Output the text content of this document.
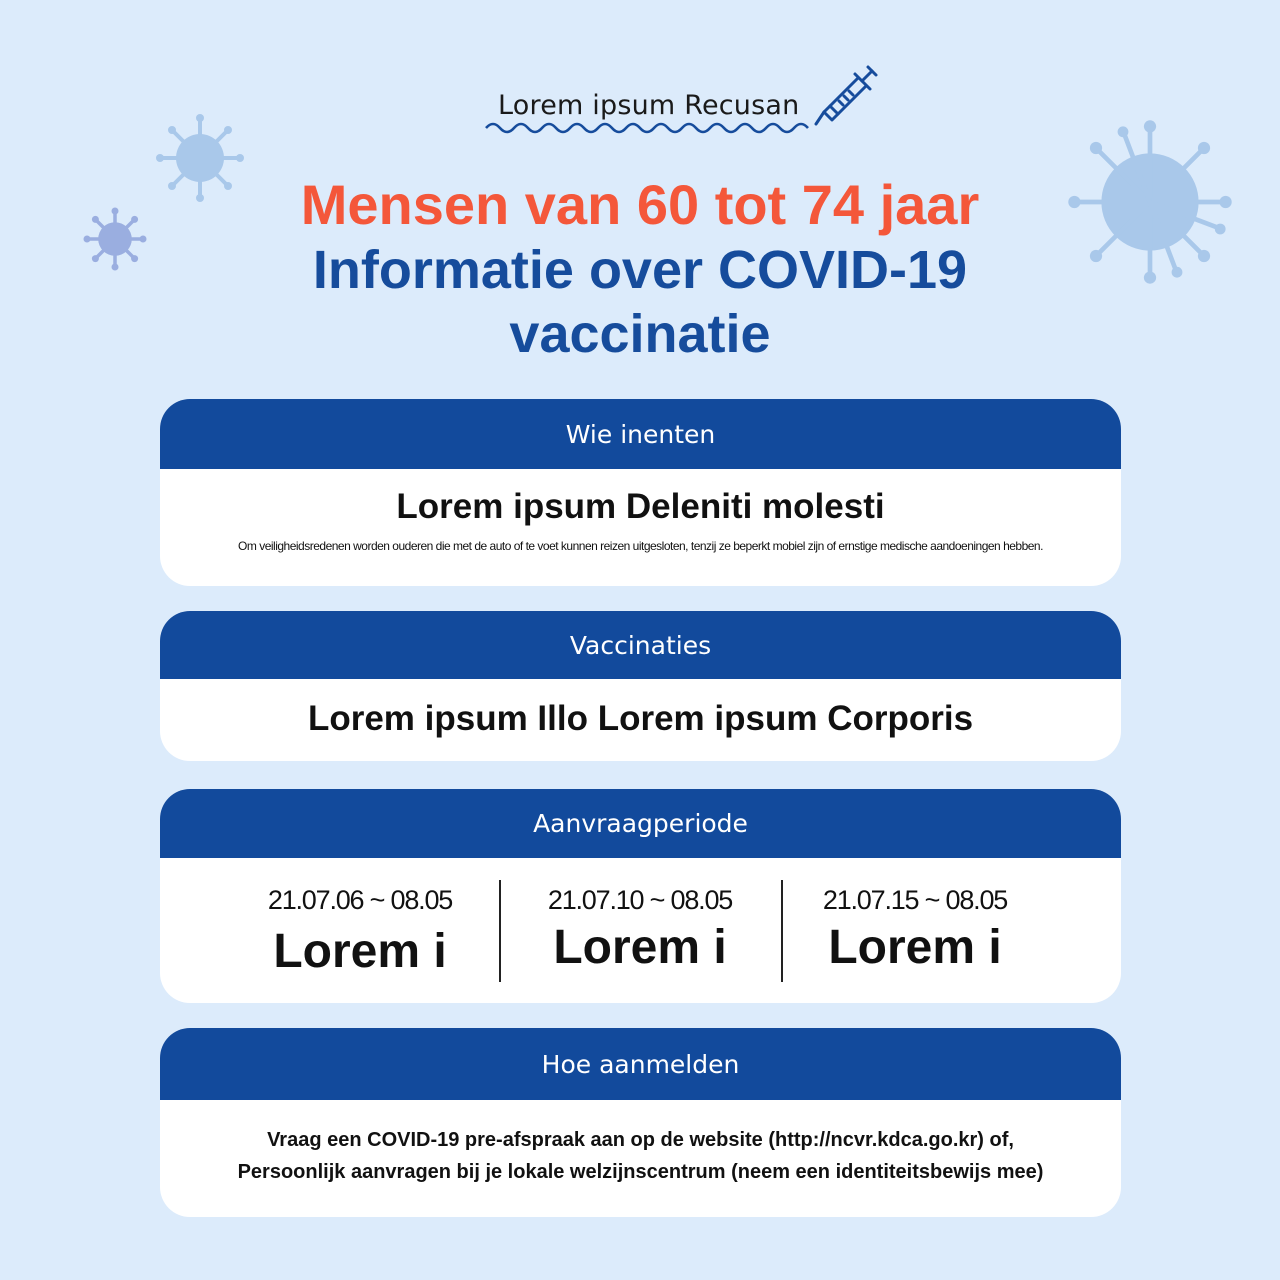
Lorem ipsum Recusan
Mensen van 60 tot 74 jaar
Informatie over COVID-19
vaccinatie
Wie inenten
Lorem ipsum Deleniti molesti
Om veiligheidsredenen worden ouderen die met de auto of te voet kunnen reizen uitgesloten, tenzij ze beperkt mobiel zijn of ernstige medische aandoeningen hebben.
Vaccinaties
Lorem ipsum Illo Lorem ipsum Corporis
Aanvraagperiode
21.07.06 ~ 08.05
Lorem i
21.07.10 ~ 08.05
Lorem i
21.07.15 ~ 08.05
Lorem i
Hoe aanmelden
Vraag een COVID-19 pre-afspraak aan op de website (http://ncvr.kdca.go.kr) of,
Persoonlijk aanvragen bij je lokale welzijnscentrum (neem een identiteitsbewijs mee)
